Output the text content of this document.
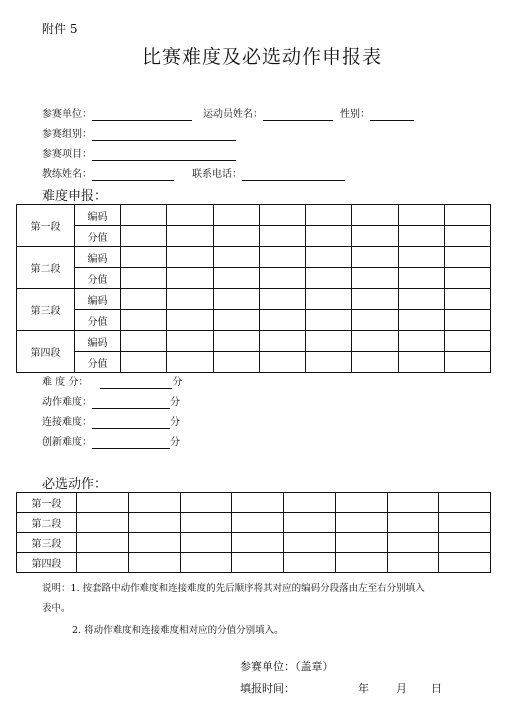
附件 5
比赛难度及必选动作申报表
参赛单位：	运动员姓名：	性别：
参赛组别：
参赛项目：
教练姓名：	联系电话：
难度申报：
第一段	编码								
	分值								
第二段	编码								
	分值								
第三段	编码								
	分值								
第四段	编码								
	分值								
难 度 分：	分
动作难度：	分
连接难度：	分
创新难度：	分
必选动作：
第一段								
第二段								
第三段								
第四段								
说明：1. 按套路中动作难度和连接难度的先后顺序将其对应的编码分段落由左至右分别填入
表中。
2. 将动作难度和连接难度相对应的分值分别填入。
参赛单位：（盖章）
填报时间：	年 月 日
